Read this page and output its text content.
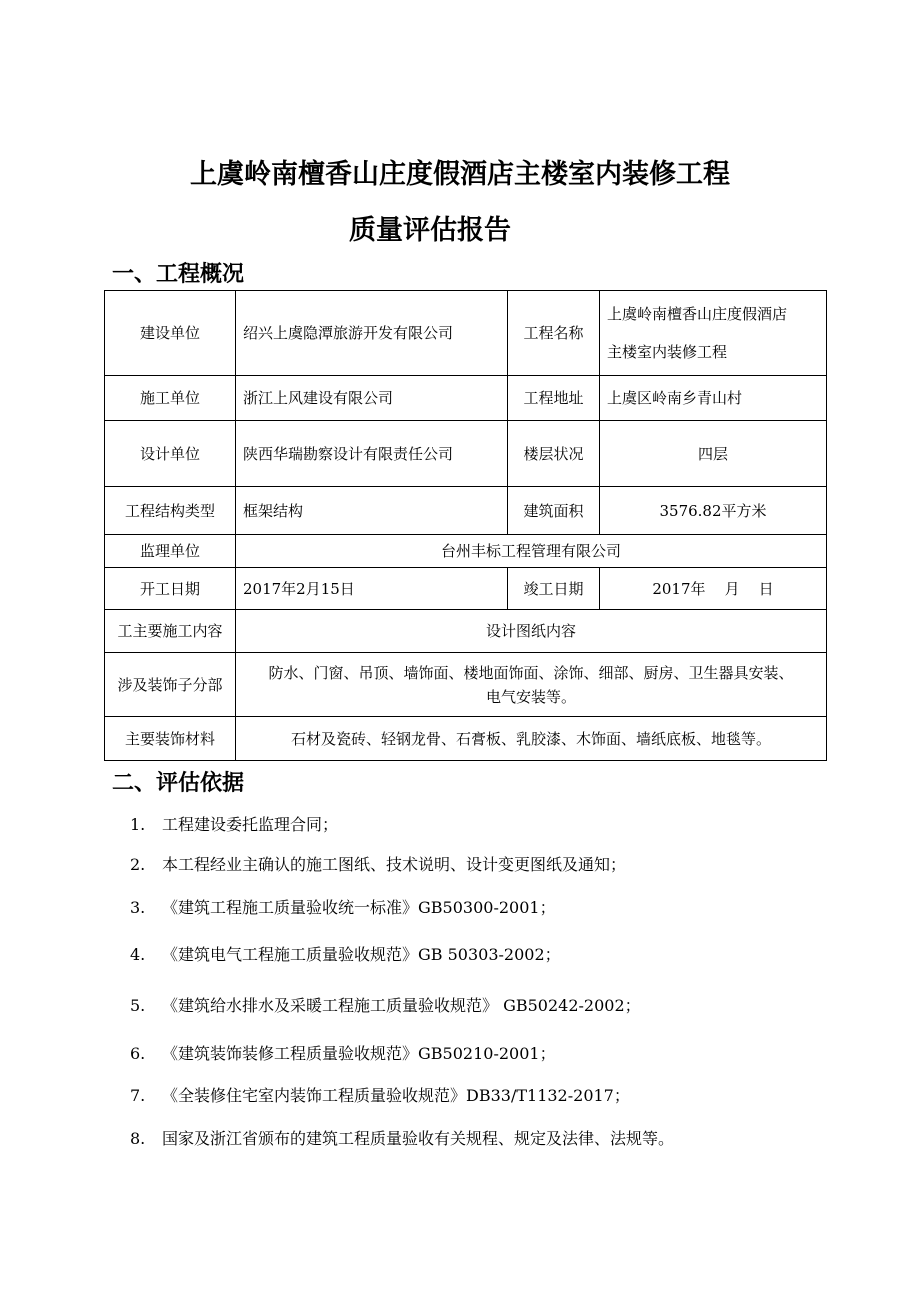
上虞岭南檀香山庄度假酒店主楼室内装修工程
质量评估报告
一、工程概况
建设单位	绍兴上虞隐潭旅游开发有限公司	工程名称	上虞岭南檀香山庄度假酒店
主楼室内装修工程

施工单位	浙江上风建设有限公司	工程地址	上虞区岭南乡青山村
设计单位	陕西华瑞勘察设计有限责任公司	楼层状况	四层
工程结构类型	框架结构	建筑面积	3576.82平方米
监理单位	台州丰标工程管理有限公司		
开工日期	2017年2月15日	竣工日期	2017年    月    日
工主要施工内容	设计图纸内容		
涉及装饰子分部	防水、门窗、吊顶、墙饰面、楼地面饰面、涂饰、细部、厨房、卫生器具安装、
电气安装等。		

主要装饰材料	石材及瓷砖、轻钢龙骨、石膏板、乳胶漆、木饰面、墙纸底板、地毯等。		
二、评估依据
1. 工程建设委托监理合同；
2. 本工程经业主确认的施工图纸、技术说明、设计变更图纸及通知；
3. 《建筑工程施工质量验收统一标准》GB50300-2001；
4. 《建筑电气工程施工质量验收规范》GB 50303-2002；
5. 《建筑给水排水及采暖工程施工质量验收规范》 GB50242-2002；
6. 《建筑装饰装修工程质量验收规范》GB50210-2001；
7. 《全装修住宅室内装饰工程质量验收规范》DB33/T1132-2017；
8. 国家及浙江省颁布的建筑工程质量验收有关规程、规定及法律、法规等。
